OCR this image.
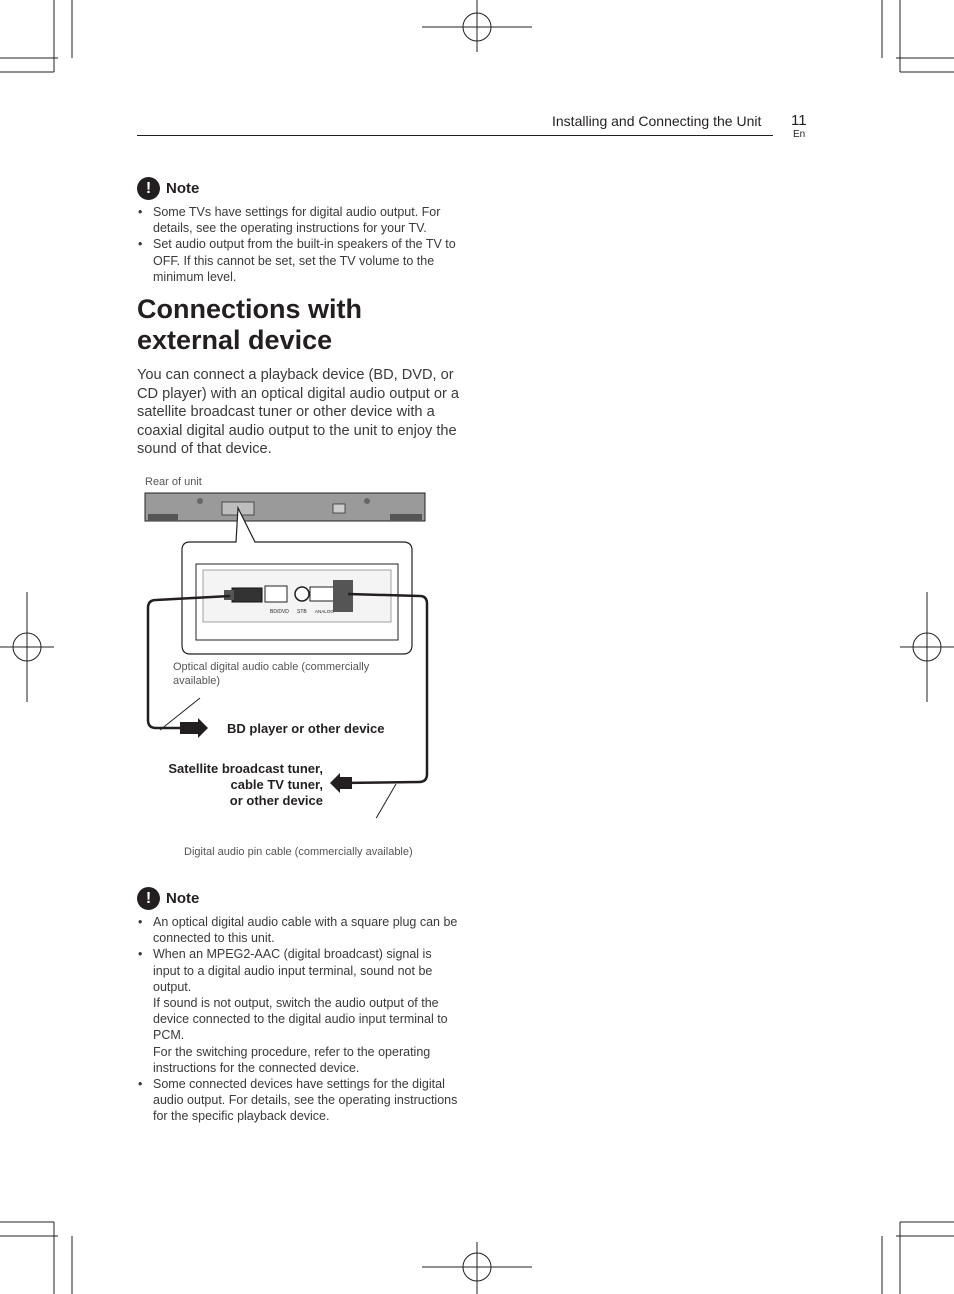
Installing and Connecting the Unit 11
En
! Note
• Some TVs have settings for digital audio output. For details, see the operating instructions for your TV.
• Set audio output from the built-in speakers of the TV to OFF. If this cannot be set, set the TV volume to the minimum level.
Connections with external device

You can connect a playback device (BD, DVD, or CD player) with an optical digital audio output or a satellite broadcast tuner or other device with a coaxial digital audio output to the unit to enjoy the sound of that device.

Rear of unit
BD/DVD STB ANALOG
Optical digital audio cable (commercially available)
BD player or other device
Satellite broadcast tuner,
cable TV tuner,
or other device
Digital audio pin cable (commercially available)
! Note

• An optical digital audio cable with a square plug can be connected to this unit.

• When an MPEG2-AAC (digital broadcast) signal is input to a digital audio input terminal, sound not be output.

If sound is not output, switch the audio output of the device connected to the digital audio input terminal to PCM.

For the switching procedure, refer to the operating instructions for the connected device.

• Some connected devices have settings for the digital audio output. For details, see the operating instructions for the specific playback device.
